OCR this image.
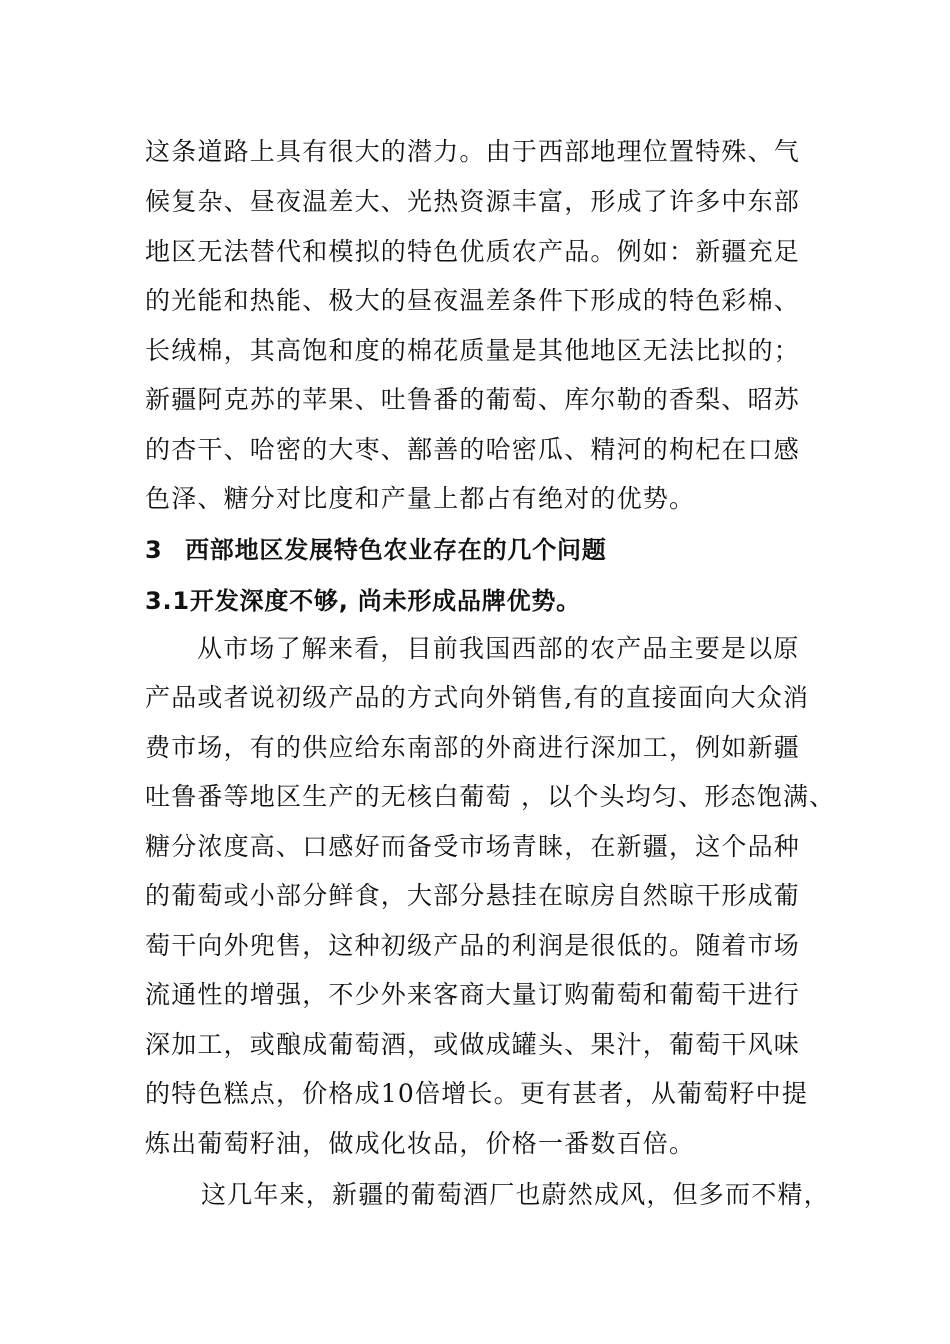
这条道路上具有很大的潜力。由于西部地理位置特殊、气
候复杂、昼夜温差大、光热资源丰富，形成了许多中东部
地区无法替代和模拟的特色优质农产品。例如：新疆充足
的光能和热能、极大的昼夜温差条件下形成的特色彩棉、
长绒棉，其高饱和度的棉花质量是其他地区无法比拟的；
新疆阿克苏的苹果、吐鲁番的葡萄、库尔勒的香梨、昭苏
的杏干、哈密的大枣、鄯善的哈密瓜、精河的枸杞在口感
色泽、糖分对比度和产量上都占有绝对的优势。
3 西部地区发展特色农业存在的几个问题
3.1开发深度不够, 尚未形成品牌优势。
从市场了解来看，目前我国西部的农产品主要是以原
产品或者说初级产品的方式向外销售,有的直接面向大众消
费市场，有的供应给东南部的外商进行深加工，例如新疆
吐鲁番等地区生产的无核白葡萄 ，以个头均匀、形态饱满、
糖分浓度高、口感好而备受市场青睐，在新疆，这个品种
的葡萄或小部分鲜食，大部分悬挂在晾房自然晾干形成葡
萄干向外兜售，这种初级产品的利润是很低的。随着市场
流通性的增强，不少外来客商大量订购葡萄和葡萄干进行
深加工，或酿成葡萄酒，或做成罐头、果汁，葡萄干风味
的特色糕点，价格成10倍增长。更有甚者，从葡萄籽中提
炼出葡萄籽油，做成化妆品，价格一番数百倍。
这几年来，新疆的葡萄酒厂也蔚然成风，但多而不精，
